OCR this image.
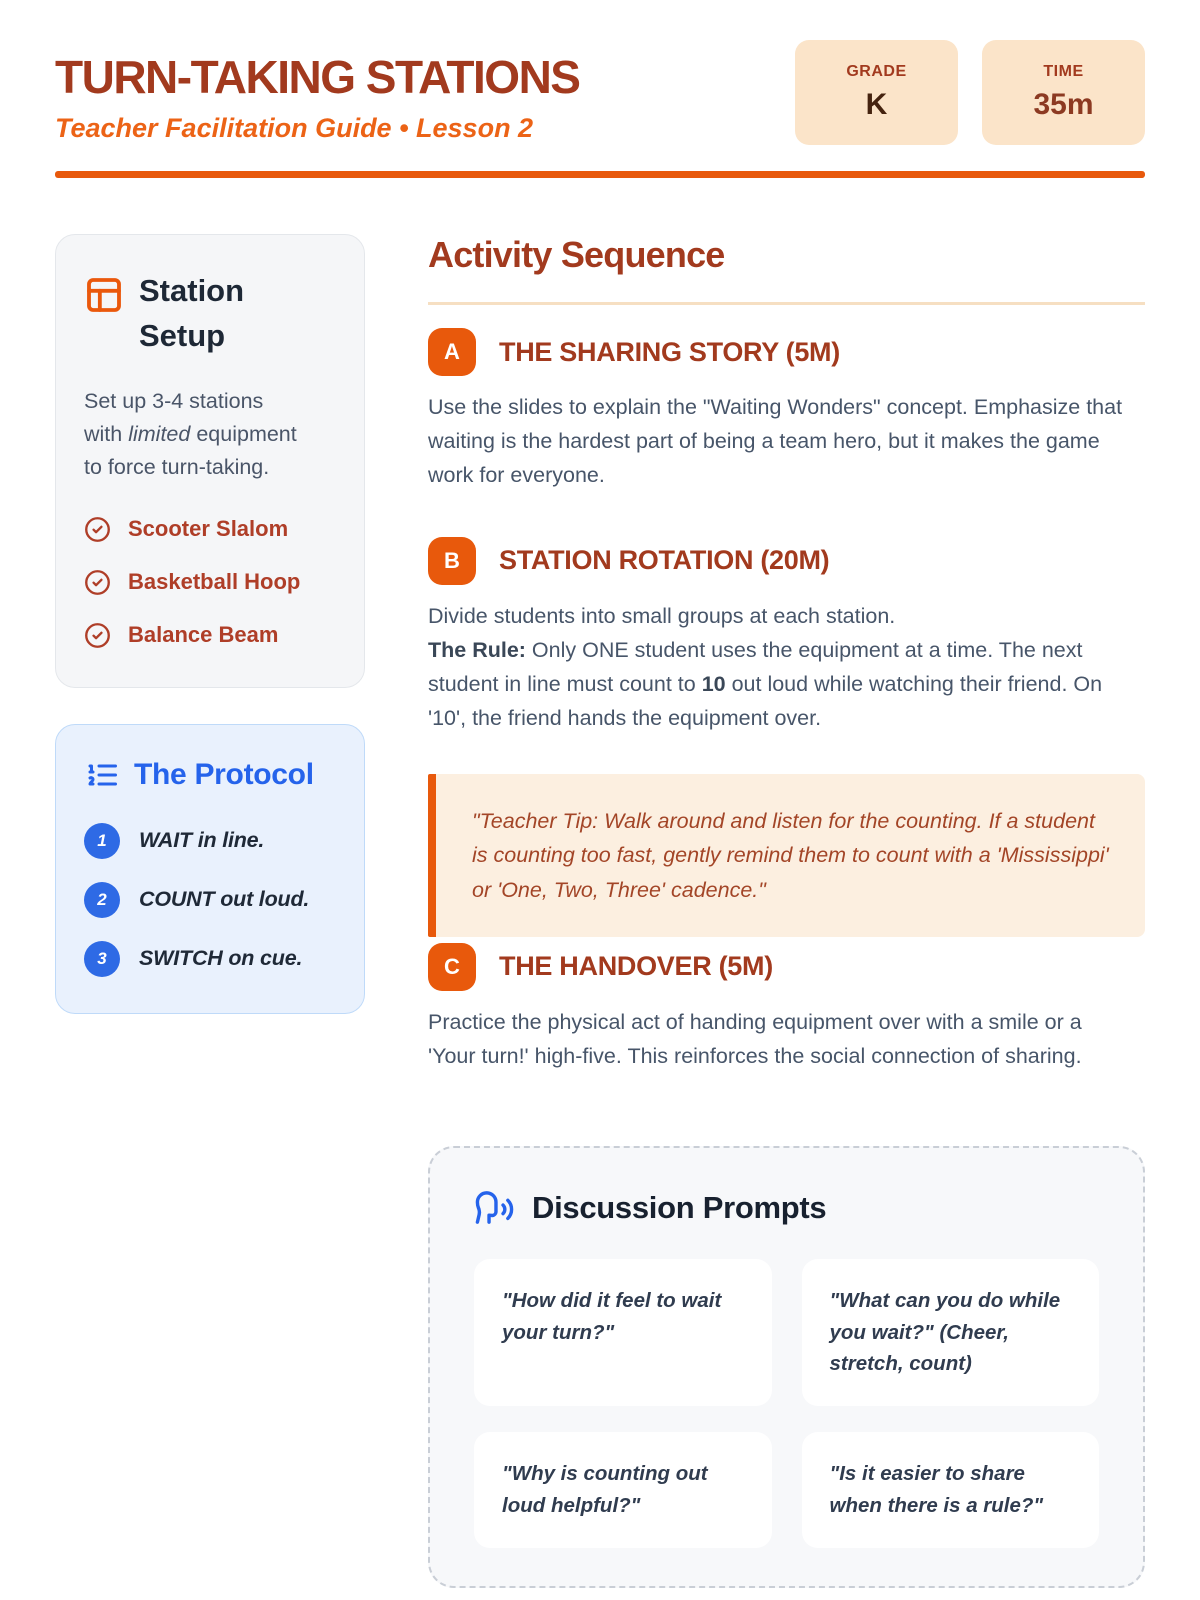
TURN-TAKING STATIONS
Teacher Facilitation Guide • Lesson 2
GRADE
K
TIME
35m
Station Setup

Set up 3-4 stations with limited equipment to force turn-taking.

Scooter Slalom
Basketball Hoop
Balance Beam
The Protocol
1	WAIT in line.
2	COUNT out loud.
3	SWITCH on cue.
Activity Sequence
A	THE SHARING STORY (5M)

Use the slides to explain the "Waiting Wonders" concept. Emphasize that waiting is the hardest part of being a team hero, but it makes the game work for everyone.

B	STATION ROTATION (20M)

Divide students into small groups at each station.
The Rule: Only ONE student uses the equipment at a time. The next student in line must count to 10 out loud while watching their friend. On '10', the friend hands the equipment over.

"Teacher Tip: Walk around and listen for the counting. If a student is counting too fast, gently remind them to count with a 'Mississippi' or 'One, Two, Three' cadence."

C	THE HANDOVER (5M)

Practice the physical act of handing equipment over with a smile or a 'Your turn!' high-five. This reinforces the social connection of sharing.

Discussion Prompts
"How did it feel to wait your turn?"
"What can you do while you wait?" (Cheer, stretch, count)
"Why is counting out loud helpful?"
"Is it easier to share when there is a rule?"
